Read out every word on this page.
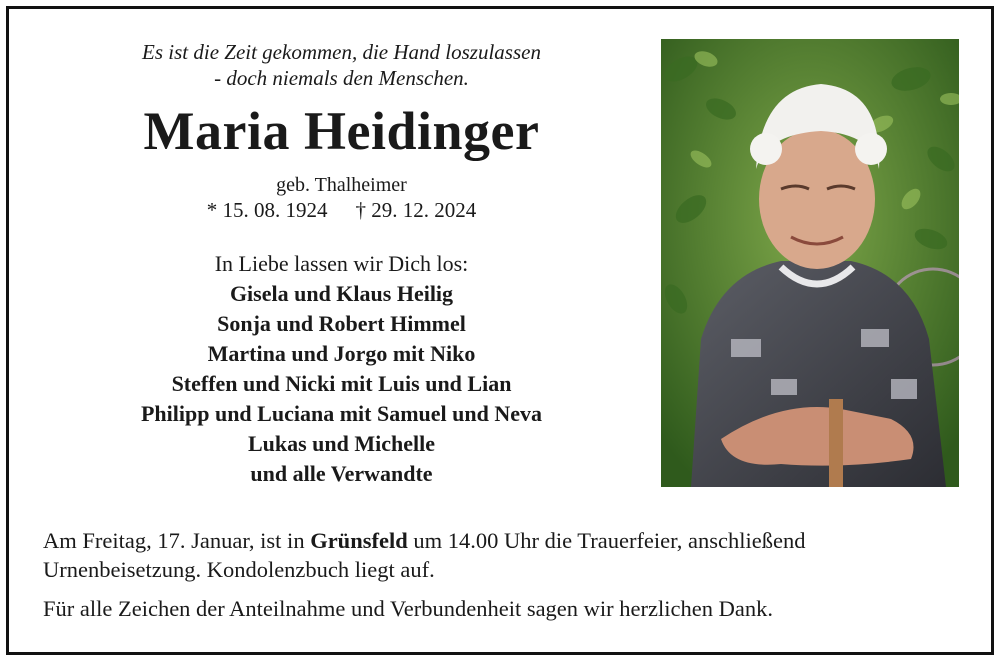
Es ist die Zeit gekommen, die Hand loszulassen
- doch niemals den Menschen.
Maria Heidinger
geb. Thalheimer
* 15. 08. 1924 † 29. 12. 2024
In Liebe lassen wir Dich los:
Gisela und Klaus Heilig
Sonja und Robert Himmel
Martina und Jorgo mit Niko
Steffen und Nicki mit Luis und Lian
Philipp und Luciana mit Samuel und Neva
Lukas und Michelle
und alle Verwandte

Am Freitag, 17. Januar, ist in Grünsfeld um 14.00 Uhr die Trauerfeier, anschließend Urnenbeisetzung. Kondolenzbuch liegt auf.

Für alle Zeichen der Anteilnahme und Verbundenheit sagen wir herzlichen Dank.
